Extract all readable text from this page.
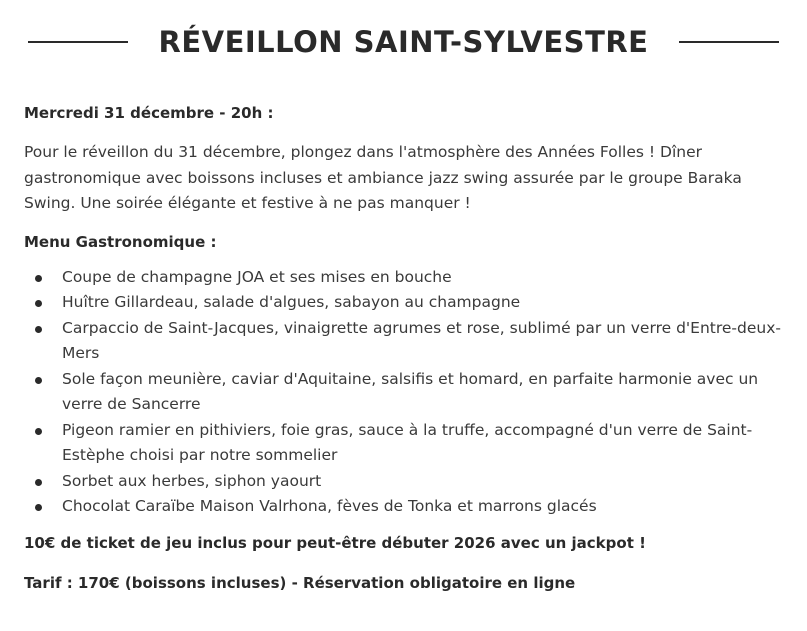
RÉVEILLON SAINT-SYLVESTRE

Mercredi 31 décembre - 20h :

Pour le réveillon du 31 décembre, plongez dans l'atmosphère des Années Folles ! Dîner gastronomique avec boissons incluses et ambiance jazz swing assurée par le groupe Baraka Swing. Une soirée élégante et festive à ne pas manquer !

Menu Gastronomique :

Coupe de champagne JOA et ses mises en bouche
Huître Gillardeau, salade d'algues, sabayon au champagne
Carpaccio de Saint-Jacques, vinaigrette agrumes et rose, sublimé par un verre d'Entre-deux-Mers
Sole façon meunière, caviar d'Aquitaine, salsifis et homard, en parfaite harmonie avec un verre de Sancerre
Pigeon ramier en pithiviers, foie gras, sauce à la truffe, accompagné d'un verre de Saint-Estèphe choisi par notre sommelier
Sorbet aux herbes, siphon yaourt
Chocolat Caraïbe Maison Valrhona, fèves de Tonka et marrons glacés

10€ de ticket de jeu inclus pour peut-être débuter 2026 avec un jackpot !

Tarif : 170€ (boissons incluses) - Réservation obligatoire en ligne
